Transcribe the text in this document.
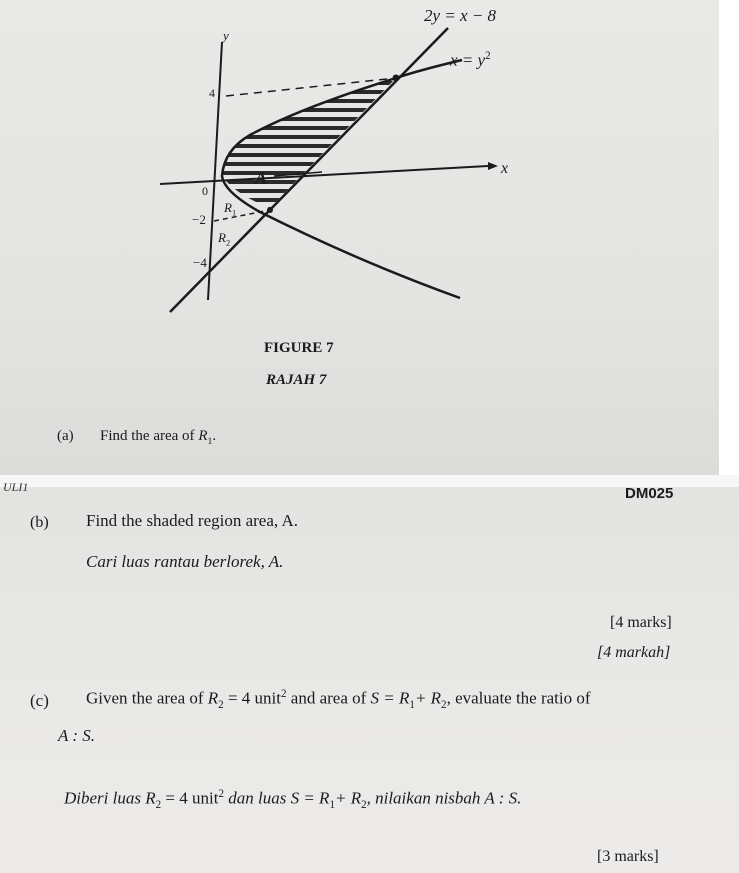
2y = x − 8
$x = y^2$
y
x
4
0
−2
−4
A
$R_1$
$R_2$
FIGURE 7
RAJAH 7
(a) Find the area of $R_1$.
ULI1	DM025
(b) Find the shaded region area, A.
Cari luas rantau berlorek, A.
[4 marks]
[4 markah]
(c) Given the area of $R_2 = 4$ unit$^2$ and area of $S = R_1+ R_2$, evaluate the ratio of
A : S.
Diberi luas $R_2 = 4$ unit$^2$ dan luas $S = R_1+ R_2$, nilaikan nisbah A : S.
[3 marks]
